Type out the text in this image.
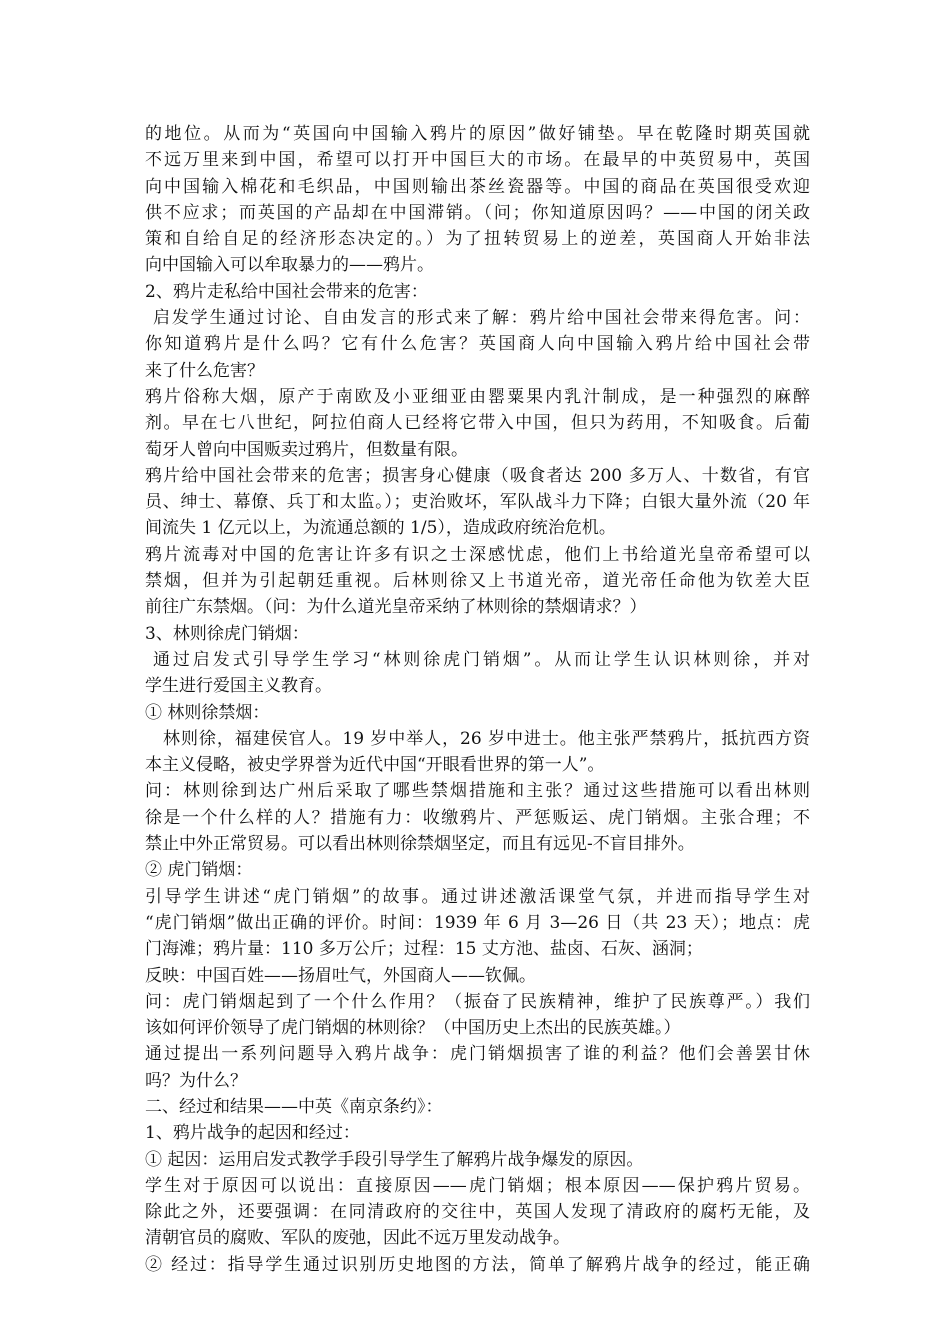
的地位。从而为“英国向中国输入鸦片的原因”做好铺垫。早在乾隆时期英国就
不远万里来到中国，希望可以打开中国巨大的市场。在最早的中英贸易中，英国
向中国输入棉花和毛织品，中国则输出茶丝瓷器等。中国的商品在英国很受欢迎
供不应求；而英国的产品却在中国滞销。（问；你知道原因吗？——中国的闭关政
策和自给自足的经济形态决定的。）为了扭转贸易上的逆差，英国商人开始非法
向中国输入可以牟取暴力的——鸦片。
2、鸦片走私给中国社会带来的危害：
启发学生通过讨论、自由发言的形式来了解：鸦片给中国社会带来得危害。问：
你知道鸦片是什么吗？它有什么危害？英国商人向中国输入鸦片给中国社会带
来了什么危害？
鸦片俗称大烟，原产于南欧及小亚细亚由罂粟果内乳汁制成，是一种强烈的麻醉
剂。早在七八世纪，阿拉伯商人已经将它带入中国，但只为药用，不知吸食。后葡
萄牙人曾向中国贩卖过鸦片，但数量有限。
鸦片给中国社会带来的危害；损害身心健康（吸食者达 200 多万人、十数省，有官
员、绅士、幕僚、兵丁和太监。）；吏治败坏，军队战斗力下降；白银大量外流（20 年
间流失 1 亿元以上，为流通总额的 1/5），造成政府统治危机。
鸦片流毒对中国的危害让许多有识之士深感忧虑，他们上书给道光皇帝希望可以
禁烟，但并为引起朝廷重视。后林则徐又上书道光帝，道光帝任命他为钦差大臣
前往广东禁烟。（问：为什么道光皇帝采纳了林则徐的禁烟请求？）
3、林则徐虎门销烟：
通过启发式引导学生学习“林则徐虎门销烟”。从而让学生认识林则徐，并对
学生进行爱国主义教育。
① 林则徐禁烟：
林则徐，福建侯官人。19 岁中举人，26 岁中进士。他主张严禁鸦片，抵抗西方资
本主义侵略，被史学界誉为近代中国“开眼看世界的第一人”。
问：林则徐到达广州后采取了哪些禁烟措施和主张？通过这些措施可以看出林则
徐是一个什么样的人？措施有力：收缴鸦片、严惩贩运、虎门销烟。主张合理；不
禁止中外正常贸易。可以看出林则徐禁烟坚定，而且有远见-不盲目排外。
② 虎门销烟：
引导学生讲述“虎门销烟”的故事。通过讲述激活课堂气氛，并进而指导学生对
“虎门销烟”做出正确的评价。时间：1939 年 6 月 3—26 日（共 23 天）；地点：虎
门海滩；鸦片量：110 多万公斤；过程：15 丈方池、盐卤、石灰、涵洞；
反映：中国百姓——扬眉吐气，外国商人——钦佩。
问：虎门销烟起到了一个什么作用？（振奋了民族精神，维护了民族尊严。）我们
该如何评价领导了虎门销烟的林则徐？（中国历史上杰出的民族英雄。）
通过提出一系列问题导入鸦片战争：虎门销烟损害了谁的利益？他们会善罢甘休
吗？为什么？
二、经过和结果——中英《南京条约》：
1、鸦片战争的起因和经过：
① 起因：运用启发式教学手段引导学生了解鸦片战争爆发的原因。
学生对于原因可以说出：直接原因——虎门销烟；根本原因——保护鸦片贸易。
除此之外，还要强调：在同清政府的交往中，英国人发现了清政府的腐朽无能，及
清朝官员的腐败、军队的废弛，因此不远万里发动战争。
② 经过：指导学生通过识别历史地图的方法，简单了解鸦片战争的经过，能正确
